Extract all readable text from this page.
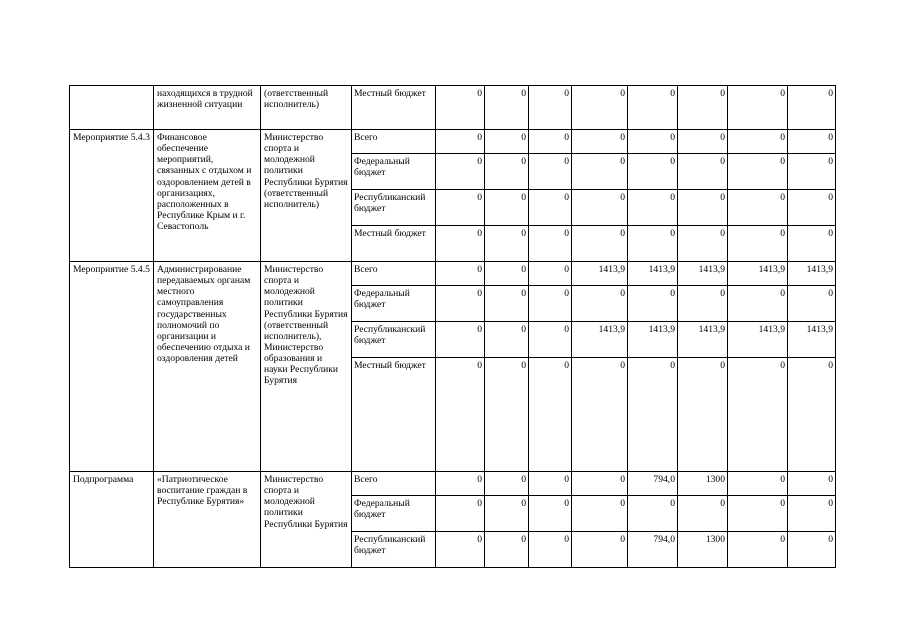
	находящихся в трудной жизненной ситуации	(ответственный исполнитель)	Местный бюджет	0	0	0	0	0	0	0	0
Мероприятие 5.4.3	Финансовое обеспечение мероприятий, связанных с отдыхом и оздоровлением детей в организациях, расположенных в Республике Крым и г. Севастополь	Министерство спорта и молодежной политики Республики Бурятия (ответственный исполнитель)	Всего	0	0	0	0	0	0	0	0
			Федеральный бюджет	0	0	0	0	0	0	0	0
			Республиканский бюджет	0	0	0	0	0	0	0	0
			Местный бюджет	0	0	0	0	0	0	0	0
Мероприятие 5.4.5	Администрирование передаваемых органам местного самоуправления государственных полномочий по организации и обеспечению отдыха и оздоровления детей	Министерство спорта и молодежной политики Республики Бурятия (ответственный исполнитель), Министерство образования и науки Республики Бурятия	Всего	0	0	0	1413,9	1413,9	1413,9	1413,9	1413,9
			Федеральный бюджет	0	0	0	0	0	0	0	0
			Республиканский бюджет	0	0	0	1413,9	1413,9	1413,9	1413,9	1413,9
			Местный бюджет	0	0	0	0	0	0	0	0
Подпрограмма	«Патриотическое воспитание граждан в Республике Бурятия»	Министерство спорта и молодежной политики Республики Бурятия	Всего	0	0	0	0	794,0	1300	0	0
			Федеральный бюджет	0	0	0	0	0	0	0	0
			Республиканский бюджет	0	0	0	0	794,0	1300	0	0
